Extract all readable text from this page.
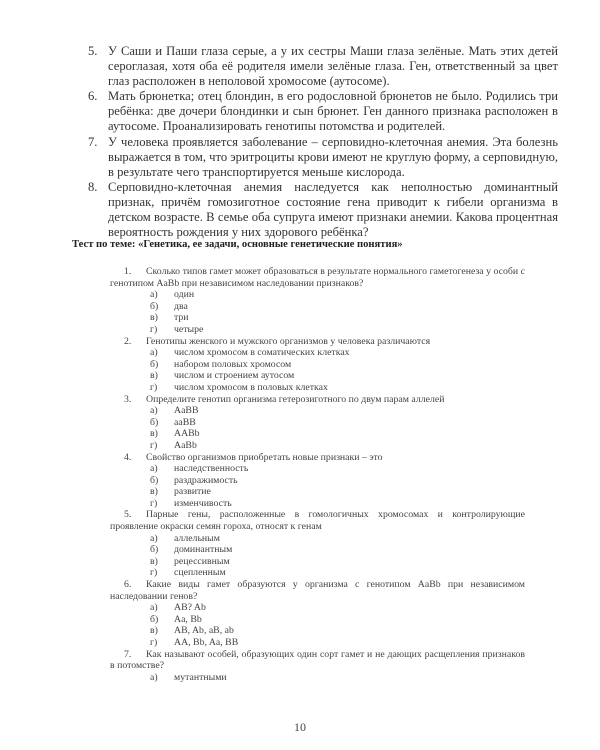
5. У Саши и Паши глаза серые, а у их сестры Маши глаза зелёные. Мать этих детей сероглазая, хотя оба её родителя имели зелёные глаза. Ген, ответственный за цвет глаз расположен в неполовой хромосоме (аутосоме).
6. Мать брюнетка; отец блондин, в его родословной брюнетов не было. Родились три ребёнка: две дочери блондинки и сын брюнет. Ген данного признака расположен в аутосоме. Проанализировать генотипы потомства и родителей.
7. У человека проявляется заболевание – серповидно-клеточная анемия. Эта болезнь выражается в том, что эритроциты крови имеют не круглую форму, а серповидную, в результате чего транспортируется меньше кислорода.
8. Серповидно-клеточная анемия наследуется как неполностью доминантный признак, причём гомозиготное состояние гена приводит к гибели организма в детском возрасте. В семье оба супруга имеют признаки анемии. Какова процентная вероятность рождения у них здорового ребёнка?
Тест по теме: «Генетика, ее задачи, основные генетические понятия»
1. Сколько типов гамет может образоваться в результате нормального гаметогенеза у особи с генотипом AaBb при независимом наследовании признаков?
а)	один
б)	два
в)	три
г)	четыре
2. Генотипы женского и мужского организмов у человека различаются
а)	числом хромосом в соматических клетках
б)	набором половых хромосом
в)	числом и строением аутосом
г)	числом хромосом в половых клетках
3. Определите генотип организма гетерозиготного по двум парам аллелей
а)	AaBB
б)	aaBB
в)	AABb
г)	AaBb
4. Свойство организмов приобретать новые признаки – это
а)	наследственность
б)	раздражимость
в)	развитие
г)	изменчивость
5. Парные гены, расположенные в гомологичных хромосомах и контролирующие проявление окраски семян гороха, относят к генам
а)	аллельным
б)	доминантным
в)	рецессивным
г)	сцепленным
6. Какие виды гамет образуются у организма с генотипом AaBb при независимом наследовании генов?
а)	AB? Ab
б)	Aa, Bb
в)	AB, Ab, aB, ab
г)	AA, Bb, Aa, BB
7. Как называют особей, образующих один сорт гамет и не дающих расщепления признаков в потомстве?
а)	мутантными
10
